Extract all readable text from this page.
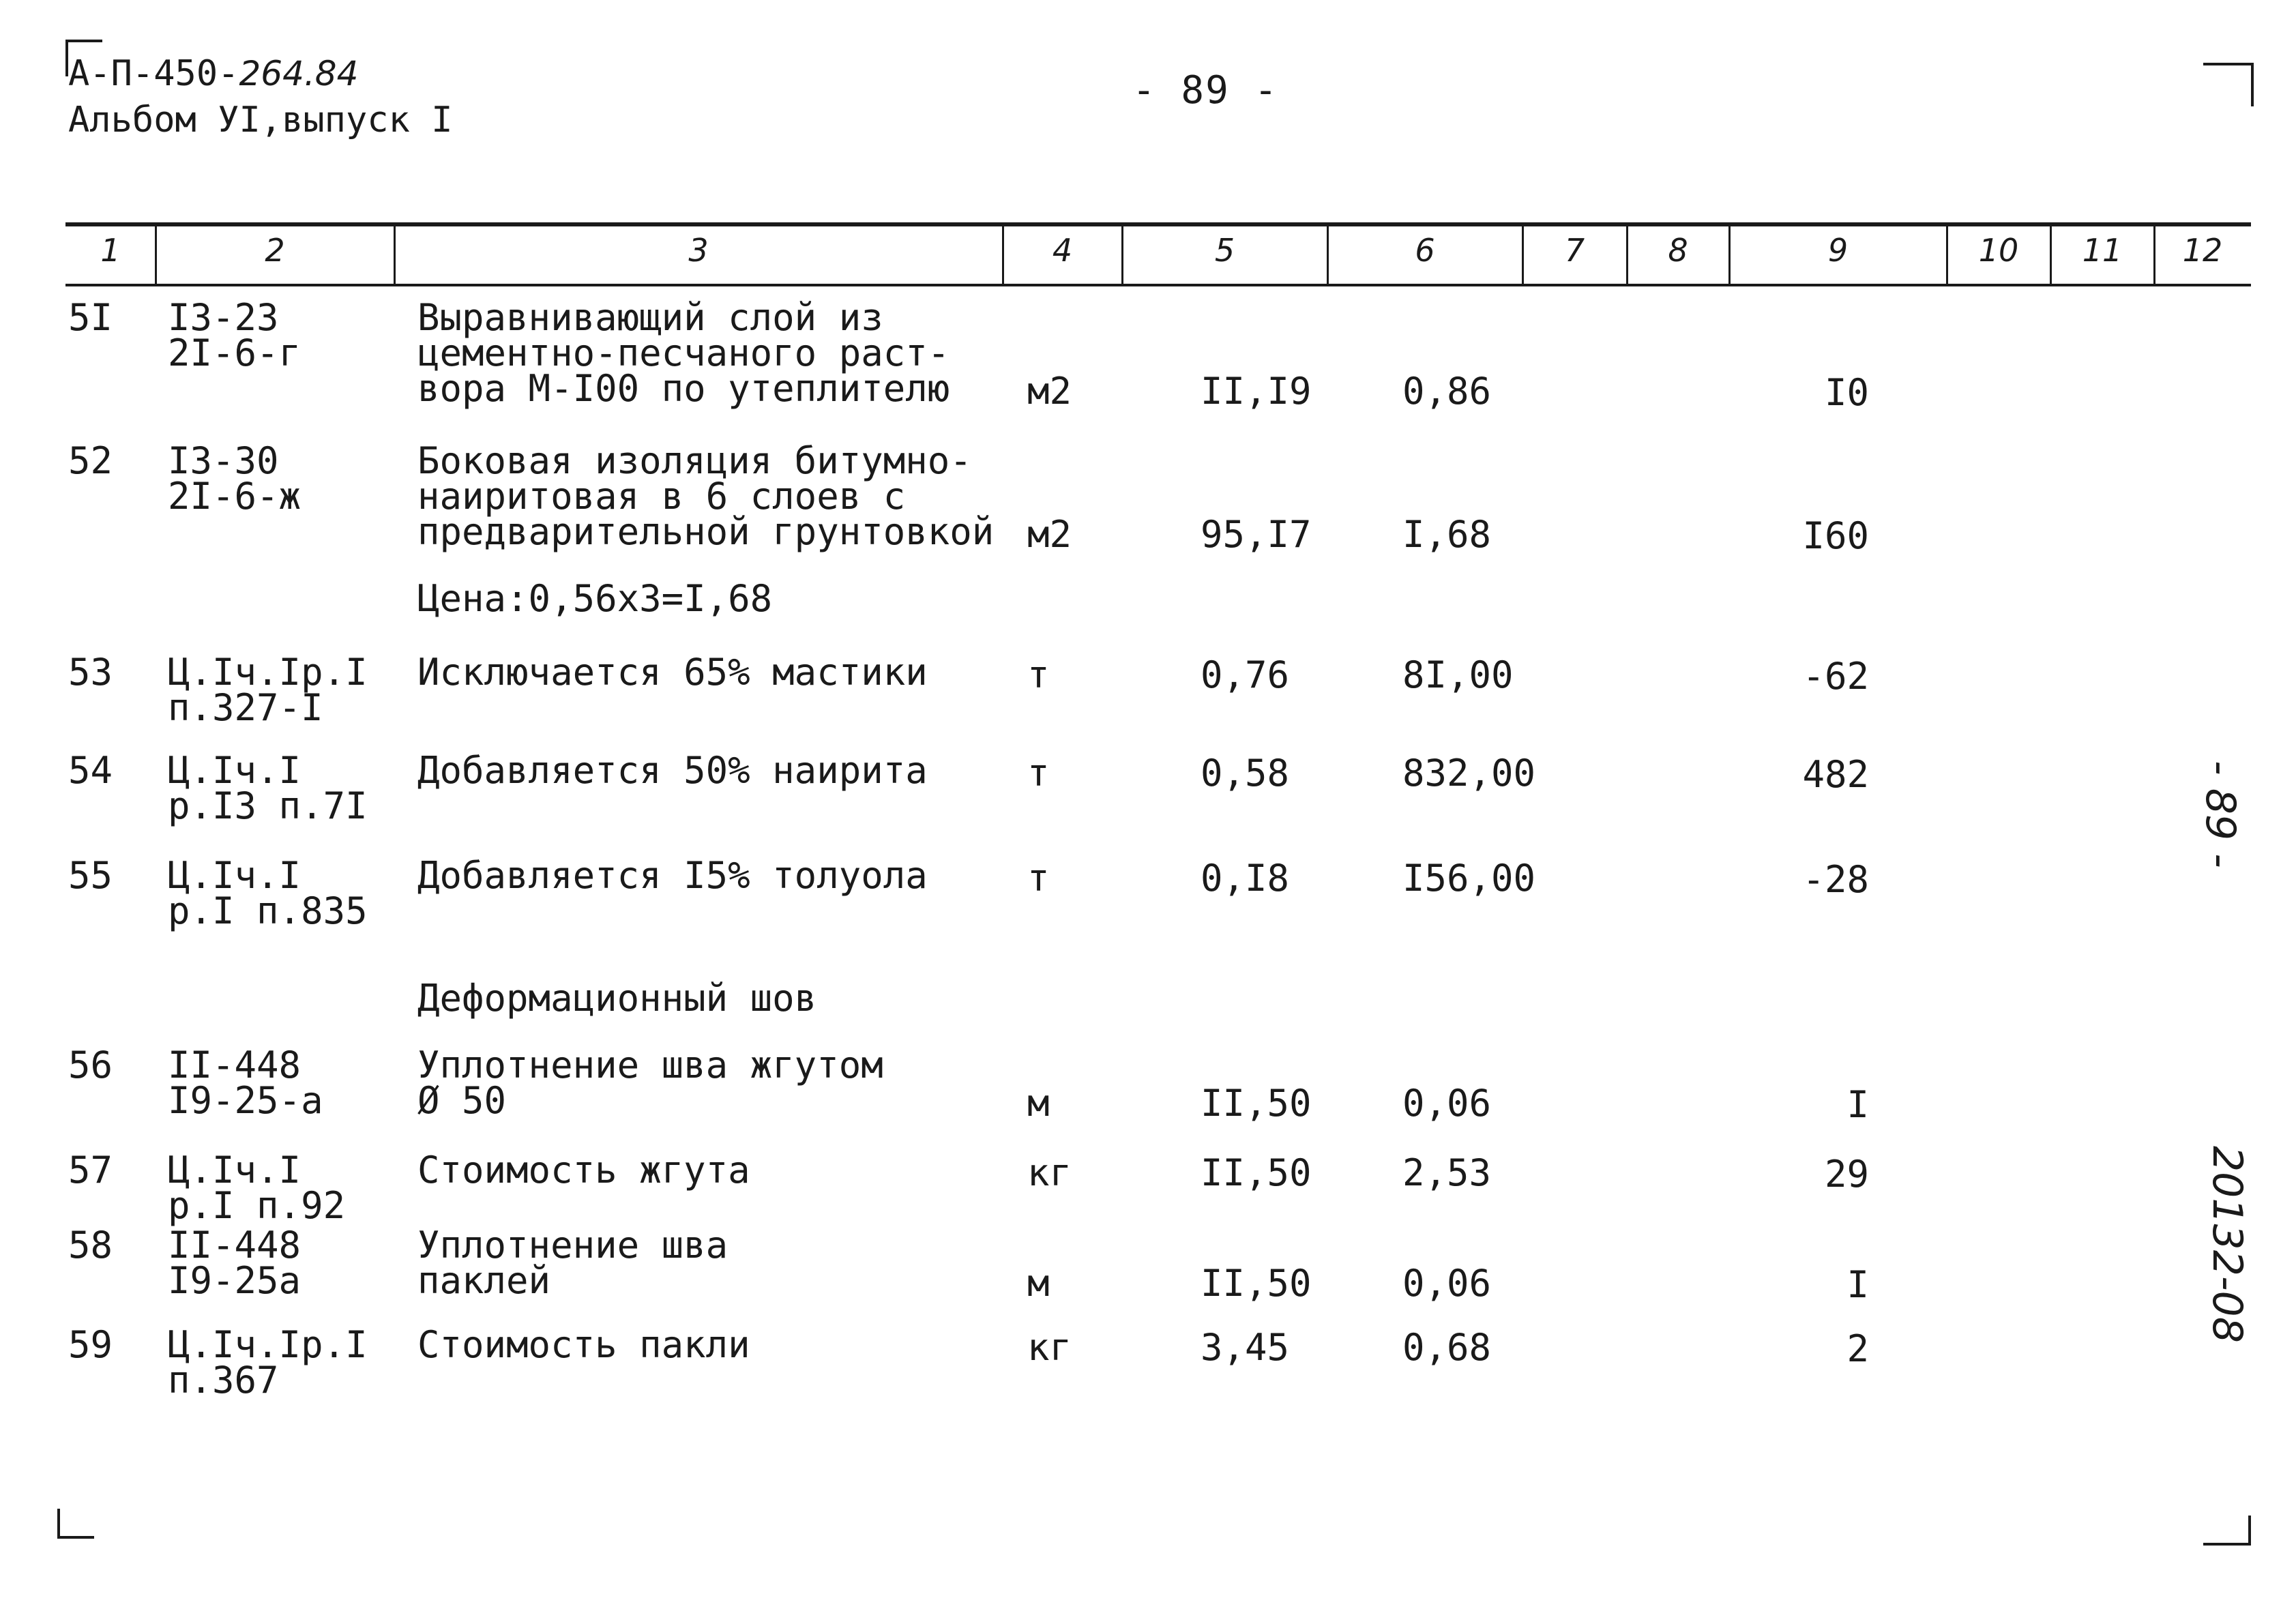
А-П-450-264.84
Альбом УI,выпуск I
- 89 -
1	2	3	4	5	6	7	8	9	10	11	12
5I I3-23
2I-6-г
Выравнивающий слой из
цементно-песчаного раст-
вора М-I00 по утеплителю м2	II,I9	0,86	I0
52 I3-30
2I-6-ж
Боковая изоляция битумно-
наиритовая в 6 слоев с
предварительной грунтовкой м2	95,I7	I,68	I60
Цена:0,56х3=I,68
53 Ц.Iч.Iр.I
п.327-I
Исключается 65% мастики	т	0,76	8I,00	-62
54 Ц.Iч.I
р.I3 п.7I
Добавляется 50% наирита	т	0,58	832,00	482
55 Ц.Iч.I
р.I п.835
Добавляется I5% толуола	т	0,I8	I56,00	-28
Деформационный шов
56 II-448
I9-25-а
Уплотнение шва жгутом
Ø 50	м	II,50	0,06	I
57 Ц.Iч.I
р.I п.92
Стоимость жгута	кг	II,50	2,53	29
58 II-448
I9-25а
Уплотнение шва
паклей	м	II,50	0,06	I
59 Ц.Iч.Iр.I
п.367
Стоимость пакли	кг	3,45	0,68	2
- 89 -
20132-08
